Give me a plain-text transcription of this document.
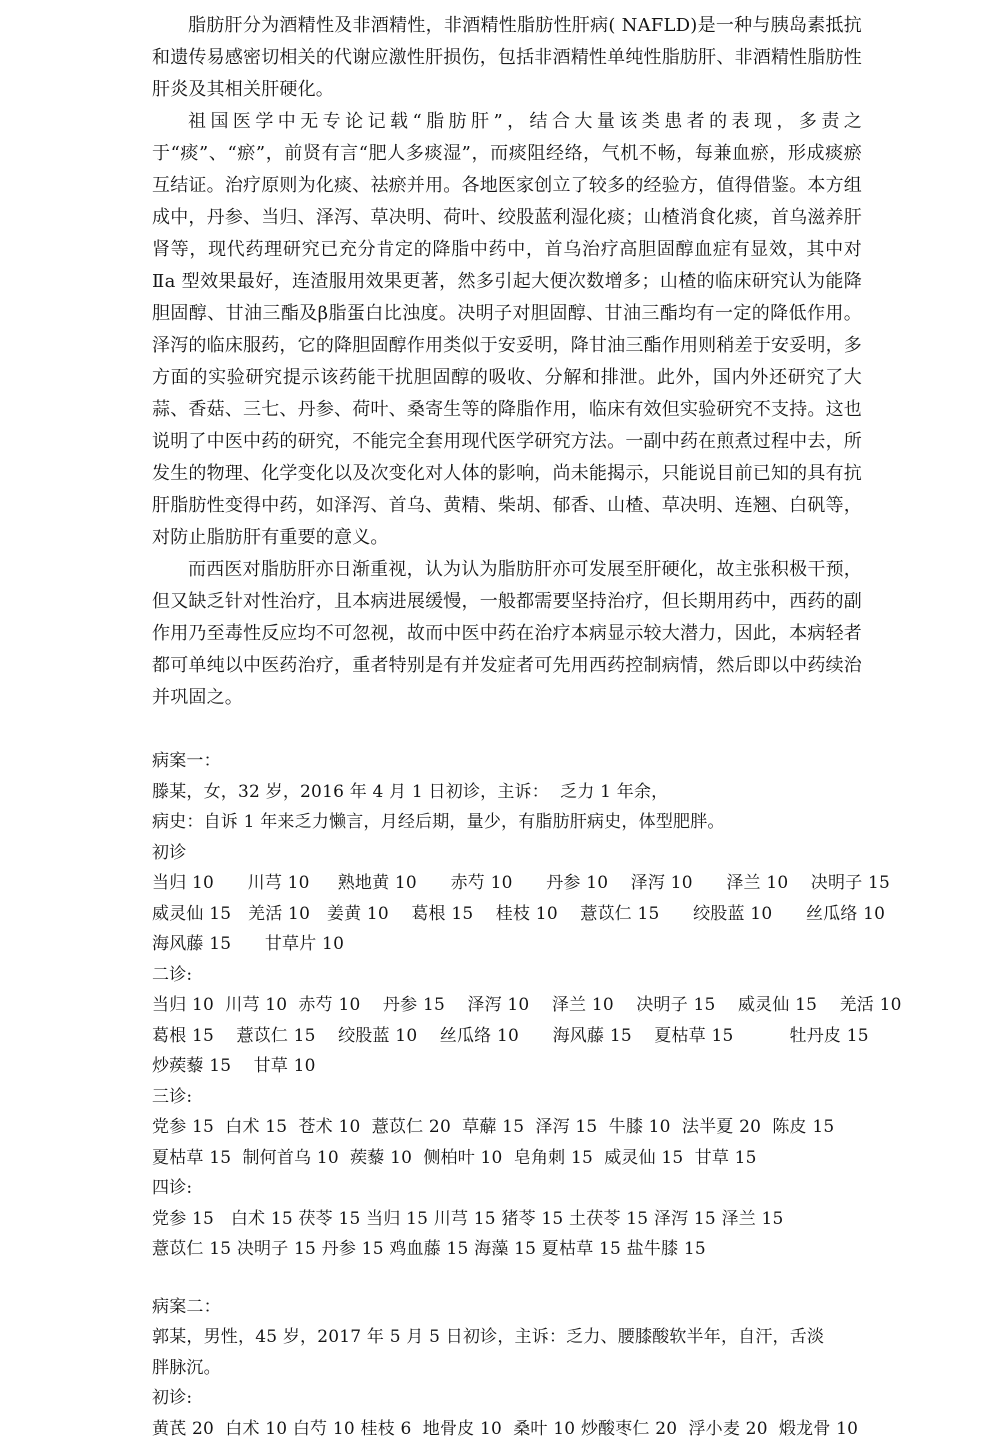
脂肪肝分为酒精性及非酒精性，非酒精性脂肪性肝病( NAFLD)是一种与胰岛素抵抗和遗传易感密切相关的代谢应激性肝损伤，包括非酒精性单纯性脂肪肝、非酒精性脂肪性肝炎及其相关肝硬化。

祖国医学中无专论记载“脂肪肝”，结合大量该类患者的表现，多责之于“痰”、“瘀”，前贤有言“肥人多痰湿”，而痰阻经络，气机不畅，每兼血瘀，形成痰瘀互结证。治疗原则为化痰、祛瘀并用。各地医家创立了较多的经验方，值得借鉴。本方组成中，丹参、当归、泽泻、草决明、荷叶、绞股蓝利湿化痰；山楂消食化痰，首乌滋养肝肾等，现代药理研究已充分肯定的降脂中药中，首乌治疗高胆固醇血症有显效，其中对Ⅱa 型效果最好，连渣服用效果更著，然多引起大便次数增多；山楂的临床研究认为能降胆固醇、甘油三酯及β脂蛋白比浊度。决明子对胆固醇、甘油三酯均有一定的降低作用。泽泻的临床服药，它的降胆固醇作用类似于安妥明，降甘油三酯作用则稍差于安妥明，多方面的实验研究提示该药能干扰胆固醇的吸收、分解和排泄。此外，国内外还研究了大蒜、香菇、三七、丹参、荷叶、桑寄生等的降脂作用，临床有效但实验研究不支持。这也说明了中医中药的研究，不能完全套用现代医学研究方法。一副中药在煎煮过程中去，所发生的物理、化学变化以及次变化对人体的影响，尚未能揭示，只能说目前已知的具有抗肝脂肪性变得中药，如泽泻、首乌、黄精、柴胡、郁香、山楂、草决明、连翘、白矾等，对防止脂肪肝有重要的意义。

而西医对脂肪肝亦日渐重视，认为认为脂肪肝亦可发展至肝硬化，故主张积极干预，但又缺乏针对性治疗，且本病进展缓慢，一般都需要坚持治疗，但长期用药中，西药的副作用乃至毒性反应均不可忽视，故而中医中药在治疗本病显示较大潜力，因此，本病轻者都可单纯以中医药治疗，重者特别是有并发症者可先用西药控制病情，然后即以中药续治并巩固之。

病案一：

滕某，女，32 岁，2016 年 4 月 1 日初诊，主诉：  乏力 1 年余，

病史：自诉 1 年来乏力懒言，月经后期，量少，有脂肪肝病史，体型肥胖。

初诊

当归 10      川芎 10     熟地黄 10      赤芍 10      丹参 10    泽泻 10      泽兰 10    决明子 15

威灵仙 15   羌活 10   姜黄 10    葛根 15    桂枝 10    薏苡仁 15      绞股蓝 10      丝瓜络 10

海风藤 15      甘草片 10

二诊:

当归 10  川芎 10  赤芍 10    丹参 15    泽泻 10    泽兰 10    决明子 15    威灵仙 15    羌活 10

葛根 15    薏苡仁 15    绞股蓝 10    丝瓜络 10      海风藤 15    夏枯草 15          牡丹皮 15

炒蒺藜 15    甘草 10

三诊:

党参 15  白术 15  苍术 10  薏苡仁 20  草薢 15  泽泻 15  牛膝 10  法半夏 20  陈皮 15

夏枯草 15  制何首乌 10  蒺藜 10  侧柏叶 10  皂角刺 15  威灵仙 15  甘草 15

四诊:

党参 15   白术 15 茯苓 15 当归 15 川芎 15 猪苓 15 土茯苓 15 泽泻 15 泽兰 15

薏苡仁 15 决明子 15 丹参 15 鸡血藤 15 海藻 15 夏枯草 15 盐牛膝 15

病案二：

郭某，男性，45 岁，2017 年 5 月 5 日初诊，主诉：乏力、腰膝酸软半年，自汗，舌淡

胖脉沉。

初诊:

黄芪 20  白术 10 白芍 10 桂枝 6  地骨皮 10  桑叶 10 炒酸枣仁 20  浮小麦 20  煅龙骨 10
